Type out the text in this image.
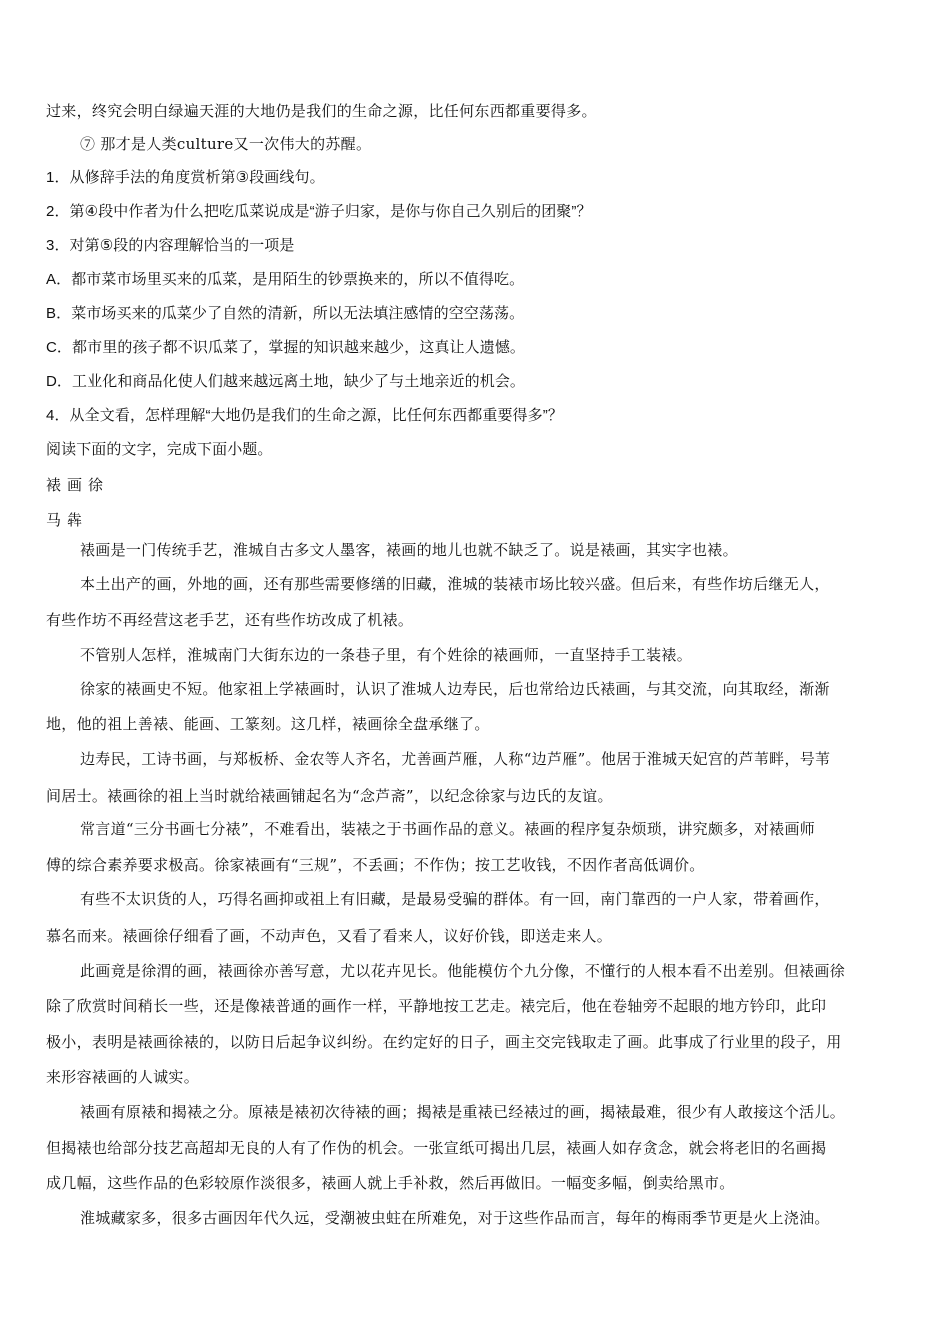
过来，终究会明白绿遍天涯的大地仍是我们的生命之源，比任何东西都重要得多。
⑦ 那才是人类culture又一次伟大的苏醒。
1．从修辞手法的角度赏析第③段画线句。
2．第④段中作者为什么把吃瓜菜说成是“游子归家，是你与你自己久别后的团聚”？
3．对第⑤段的内容理解恰当的一项是
A．都市菜市场里买来的瓜菜，是用陌生的钞票换来的，所以不值得吃。
B．菜市场买来的瓜菜少了自然的清新，所以无法填注感情的空空荡荡。
C．都市里的孩子都不识瓜菜了，掌握的知识越来越少，这真让人遗憾。
D．工业化和商品化使人们越来越远离土地，缺少了与土地亲近的机会。
4．从全文看，怎样理解“大地仍是我们的生命之源，比任何东西都重要得多”？
阅读下面的文字，完成下面小题。
裱画徐
马犇
裱画是一门传统手艺，淮城自古多文人墨客，裱画的地儿也就不缺乏了。说是裱画，其实字也裱。
本土出产的画，外地的画，还有那些需要修缮的旧藏，淮城的装裱市场比较兴盛。但后来，有些作坊后继无人，
有些作坊不再经营这老手艺，还有些作坊改成了机裱。
不管别人怎样，淮城南门大街东边的一条巷子里，有个姓徐的裱画师，一直坚持手工装裱。
徐家的裱画史不短。他家祖上学裱画时，认识了淮城人边寿民，后也常给边氏裱画，与其交流，向其取经，渐渐
地，他的祖上善裱、能画、工篆刻。这几样，裱画徐全盘承继了。
边寿民，工诗书画，与郑板桥、金农等人齐名，尤善画芦雁，人称“边芦雁”。他居于淮城天妃宫的芦苇畔，号苇
间居士。裱画徐的祖上当时就给裱画铺起名为“念芦斋”，以纪念徐家与边氏的友谊。
常言道“三分书画七分裱”，不难看出，装裱之于书画作品的意义。裱画的程序复杂烦琐，讲究颇多，对裱画师
傅的综合素养要求极高。徐家裱画有“三规”，不丢画；不作伪；按工艺收钱，不因作者高低调价。
有些不太识货的人，巧得名画抑或祖上有旧藏，是最易受骗的群体。有一回，南门靠西的一户人家，带着画作，
慕名而来。裱画徐仔细看了画，不动声色，又看了看来人，议好价钱，即送走来人。
此画竟是徐渭的画，裱画徐亦善写意，尤以花卉见长。他能模仿个九分像，不懂行的人根本看不出差别。但裱画徐
除了欣赏时间稍长一些，还是像裱普通的画作一样，平静地按工艺走。裱完后，他在卷轴旁不起眼的地方钤印，此印
极小，表明是裱画徐裱的，以防日后起争议纠纷。在约定好的日子，画主交完钱取走了画。此事成了行业里的段子，用
来形容裱画的人诚实。
裱画有原裱和揭裱之分。原裱是裱初次待裱的画；揭裱是重裱已经裱过的画，揭裱最难，很少有人敢接这个活儿。
但揭裱也给部分技艺高超却无良的人有了作伪的机会。一张宣纸可揭出几层，裱画人如存贪念，就会将老旧的名画揭
成几幅，这些作品的色彩较原作淡很多，裱画人就上手补救，然后再做旧。一幅变多幅，倒卖给黑市。
淮城藏家多，很多古画因年代久远，受潮被虫蛀在所难免，对于这些作品而言，每年的梅雨季节更是火上浇油。
